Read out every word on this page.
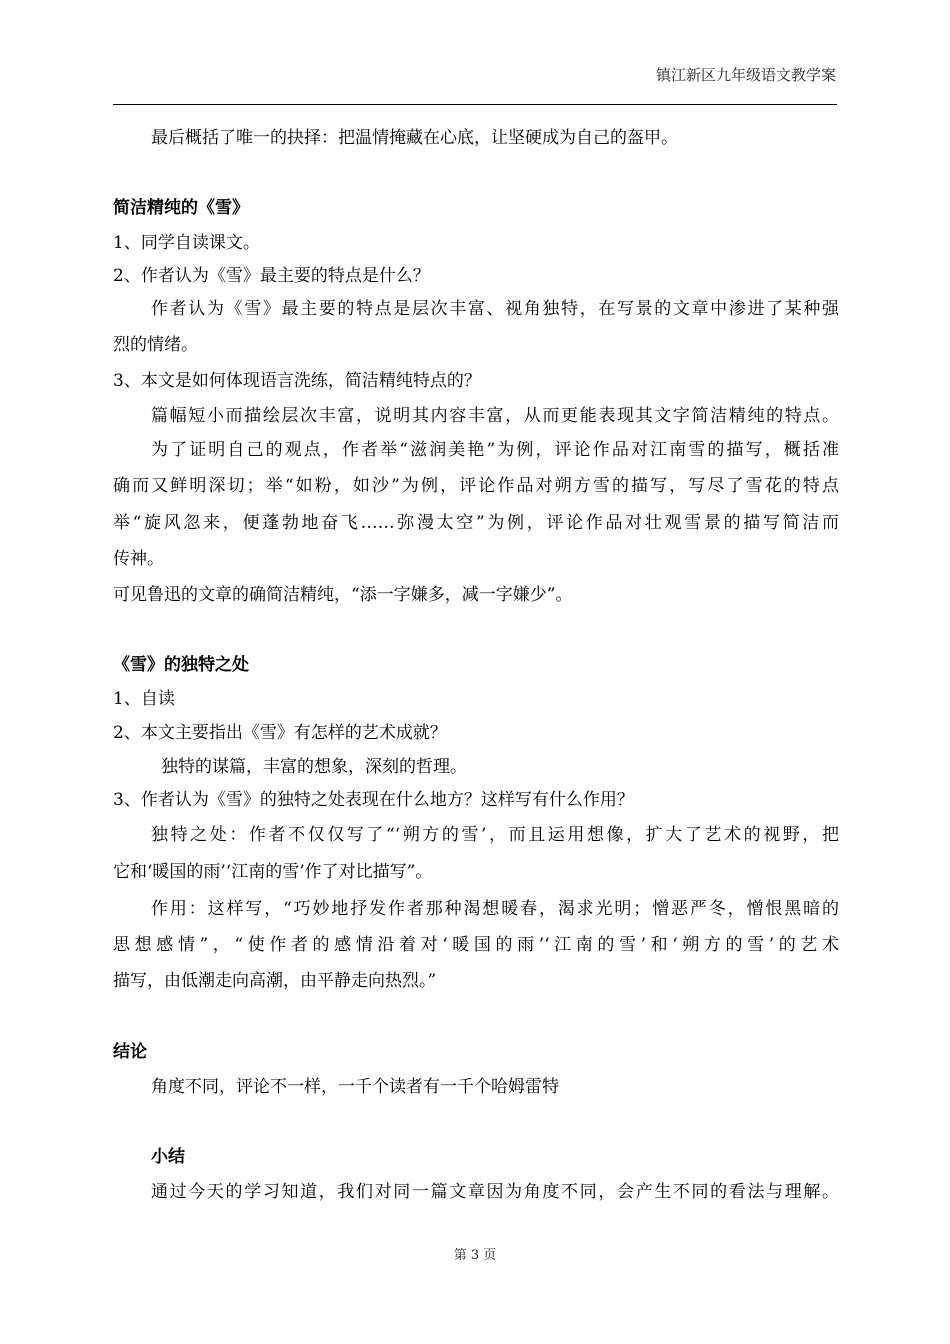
镇江新区九年级语文教学案
最后概括了唯一的抉择：把温情掩藏在心底，让坚硬成为自己的盔甲。
简洁精纯的《雪》
1、同学自读课文。
2、作者认为《雪》最主要的特点是什么？
作者认为《雪》最主要的特点是层次丰富、视角独特，在写景的文章中渗进了某种强
烈的情绪。
3、本文是如何体现语言洗练，简洁精纯特点的？
篇幅短小而描绘层次丰富，说明其内容丰富，从而更能表现其文字简洁精纯的特点。
为了证明自己的观点，作者举“滋润美艳”为例，评论作品对江南雪的描写，概括准
确而又鲜明深切；举“如粉，如沙”为例，评论作品对朔方雪的描写，写尽了雪花的特点
举“旋风忽来，便蓬勃地奋飞……弥漫太空”为例，评论作品对壮观雪景的描写简洁而
传神。
可见鲁迅的文章的确简洁精纯，“添一字嫌多，减一字嫌少”。
《雪》的独特之处
1、自读
2、本文主要指出《雪》有怎样的艺术成就？
独特的谋篇，丰富的想象，深刻的哲理。
3、作者认为《雪》的独特之处表现在什么地方？这样写有什么作用？
独特之处：作者不仅仅写了“‘朔方的雪’，而且运用想像，扩大了艺术的视野，把
它和‘暖国的雨’‘江南的雪’作了对比描写”。
作用：这样写，“巧妙地抒发作者那种渴想暖春，渴求光明；憎恶严冬，憎恨黑暗的
思想感情”，“使作者的感情沿着对‘暖国的雨’‘江南的雪’和‘朔方的雪’的艺术
描写，由低潮走向高潮，由平静走向热烈。”
结论
角度不同，评论不一样，一千个读者有一千个哈姆雷特
小结
通过今天的学习知道，我们对同一篇文章因为角度不同，会产生不同的看法与理解。
第 3 页
